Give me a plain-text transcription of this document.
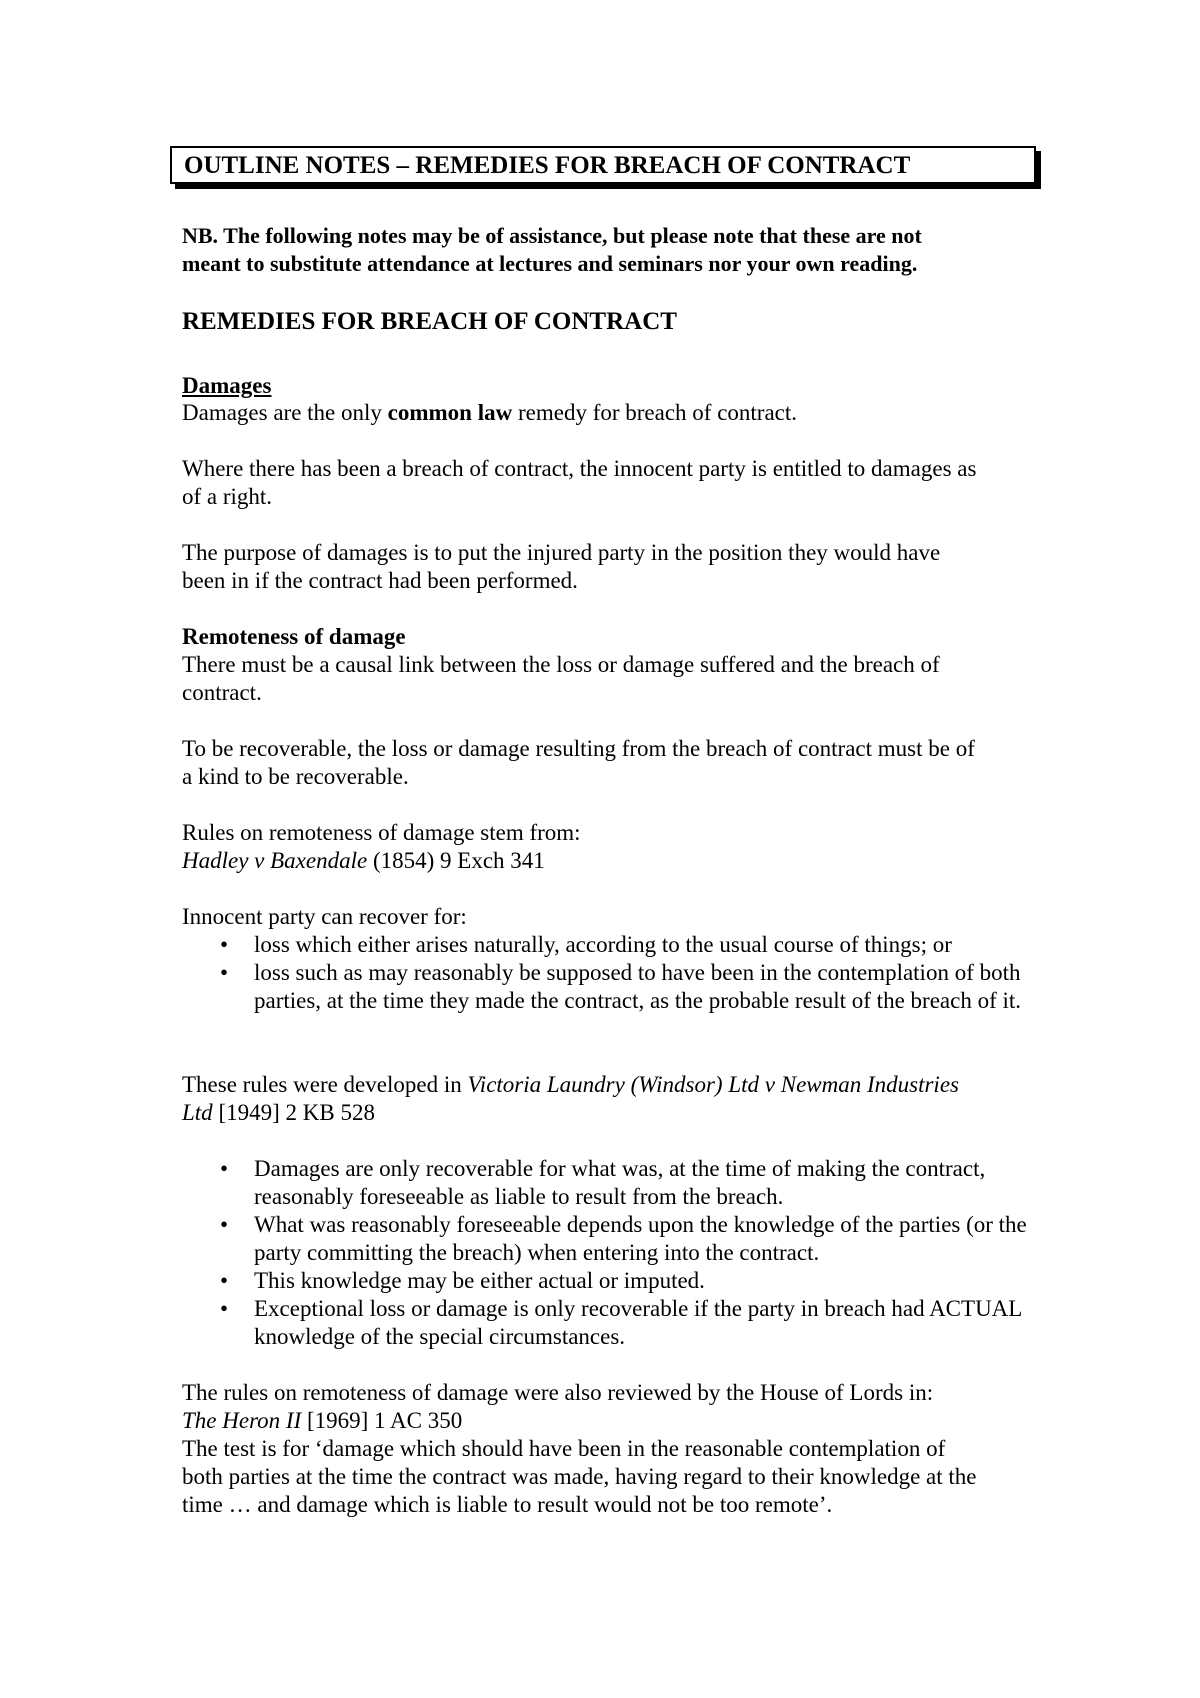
OUTLINE NOTES – REMEDIES FOR BREACH OF CONTRACT
NB. The following notes may be of assistance, but please note that these are not
meant to substitute attendance at lectures and seminars nor your own reading.
REMEDIES FOR BREACH OF CONTRACT
Damages
Damages are the only common law remedy for breach of contract.
Where there has been a breach of contract, the innocent party is entitled to damages as
of a right.
The purpose of damages is to put the injured party in the position they would have
been in if the contract had been performed.
Remoteness of damage
There must be a causal link between the loss or damage suffered and the breach of
contract.
To be recoverable, the loss or damage resulting from the breach of contract must be of
a kind to be recoverable.
Rules on remoteness of damage stem from:
Hadley v Baxendale (1854) 9 Exch 341
Innocent party can recover for:
• loss which either arises naturally, according to the usual course of things; or
• loss such as may reasonably be supposed to have been in the contemplation of both parties, at the time they made the contract, as the probable result of the breach of it.
These rules were developed in Victoria Laundry (Windsor) Ltd v Newman Industries
Ltd [1949] 2 KB 528
• Damages are only recoverable for what was, at the time of making the contract, reasonably foreseeable as liable to result from the breach.
• What was reasonably foreseeable depends upon the knowledge of the parties (or the party committing the breach) when entering into the contract.
• This knowledge may be either actual or imputed.
• Exceptional loss or damage is only recoverable if the party in breach had ACTUAL knowledge of the special circumstances.
The rules on remoteness of damage were also reviewed by the House of Lords in:
The Heron II [1969] 1 AC 350
The test is for ‘damage which should have been in the reasonable contemplation of
both parties at the time the contract was made, having regard to their knowledge at the
time … and damage which is liable to result would not be too remote’.
